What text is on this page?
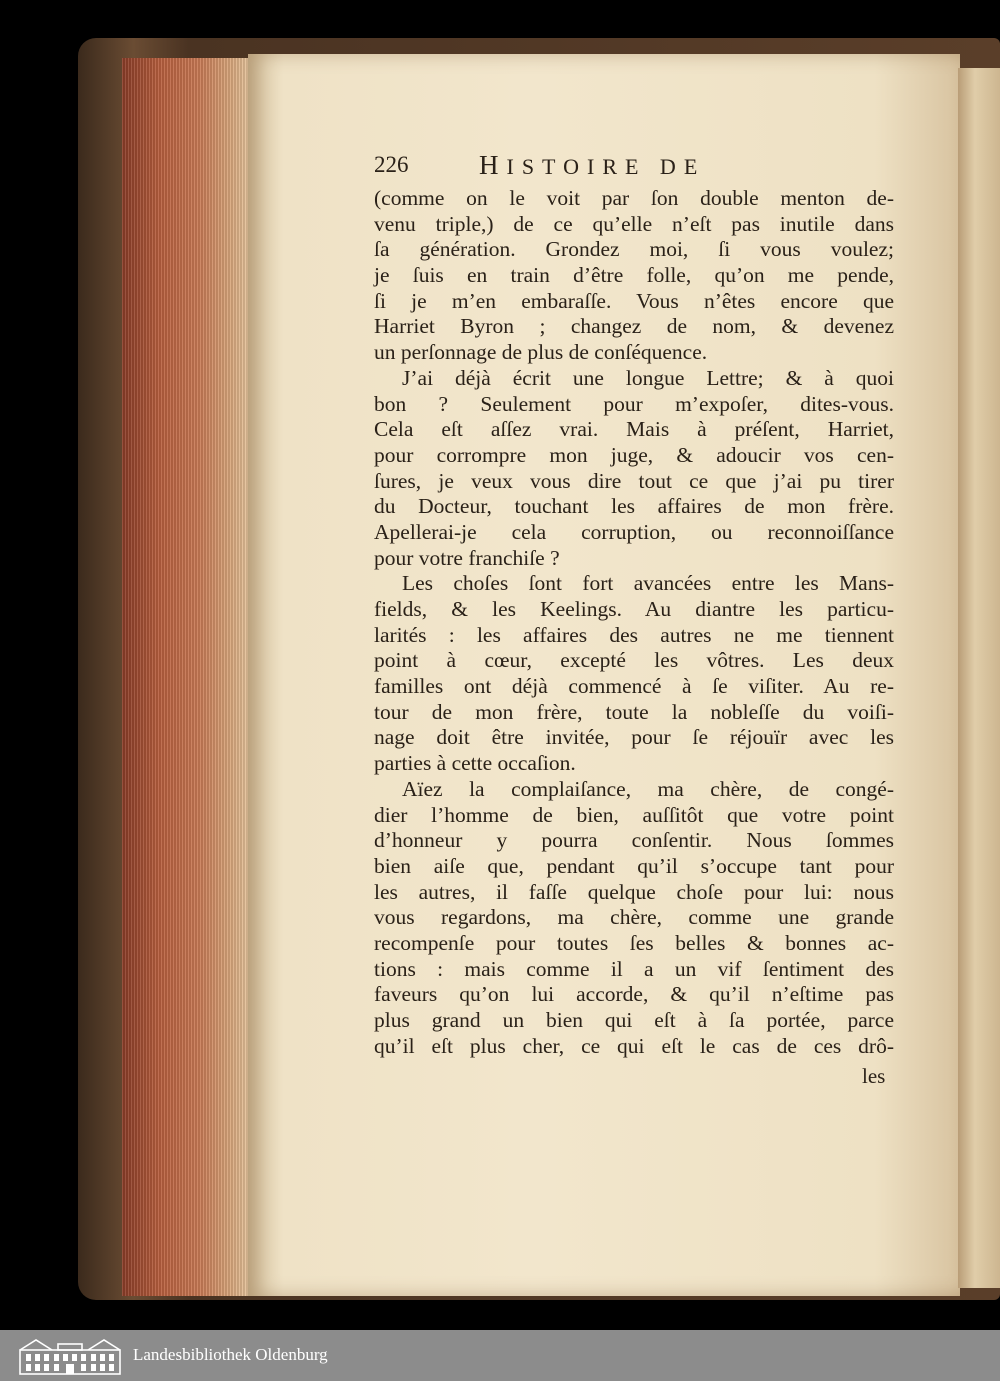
226	HISTOIRE DE
(comme on le voit par ſon double menton de-
venu triple,) de ce qu’elle n’eſt pas inutile dans
ſa génération. Grondez moi, ſi vous voulez;
je ſuis en train d’être folle, qu’on me pende,
ſi je m’en embaraſſe. Vous n’êtes encore que
Harriet Byron ; changez de nom, & devenez
un perſonnage de plus de conſéquence.
J’ai déjà écrit une longue Lettre; & à quoi
bon ? Seulement pour m’expoſer, dites-vous.
Cela eſt aſſez vrai. Mais à préſent, Harriet,
pour corrompre mon juge, & adoucir vos cen-
ſures, je veux vous dire tout ce que j’ai pu tirer
du Docteur, touchant les affaires de mon frère.
Apellerai-je cela corruption, ou reconnoiſſance
pour votre franchiſe ?
Les choſes ſont fort avancées entre les Mans-
fields, & les Keelings. Au diantre les particu-
larités : les affaires des autres ne me tiennent
point à cœur, excepté les vôtres. Les deux
familles ont déjà commencé à ſe viſiter. Au re-
tour de mon frère, toute la nobleſſe du voiſi-
nage doit être invitée, pour ſe réjouïr avec les
parties à cette occaſion.
Aïez la complaiſance, ma chère, de congé-
dier l’homme de bien, auſſitôt que votre point
d’honneur y pourra conſentir. Nous ſommes
bien aiſe que, pendant qu’il s’occupe tant pour
les autres, il faſſe quelque choſe pour lui: nous
vous regardons, ma chère, comme une grande
recompenſe pour toutes ſes belles & bonnes ac-
tions : mais comme il a un vif ſentiment des
faveurs qu’on lui accorde, & qu’il n’eſtime pas
plus grand un bien qui eſt à ſa portée, parce
qu’il eſt plus cher, ce qui eſt le cas de ces drô-
les
Landesbibliothek Oldenburg
